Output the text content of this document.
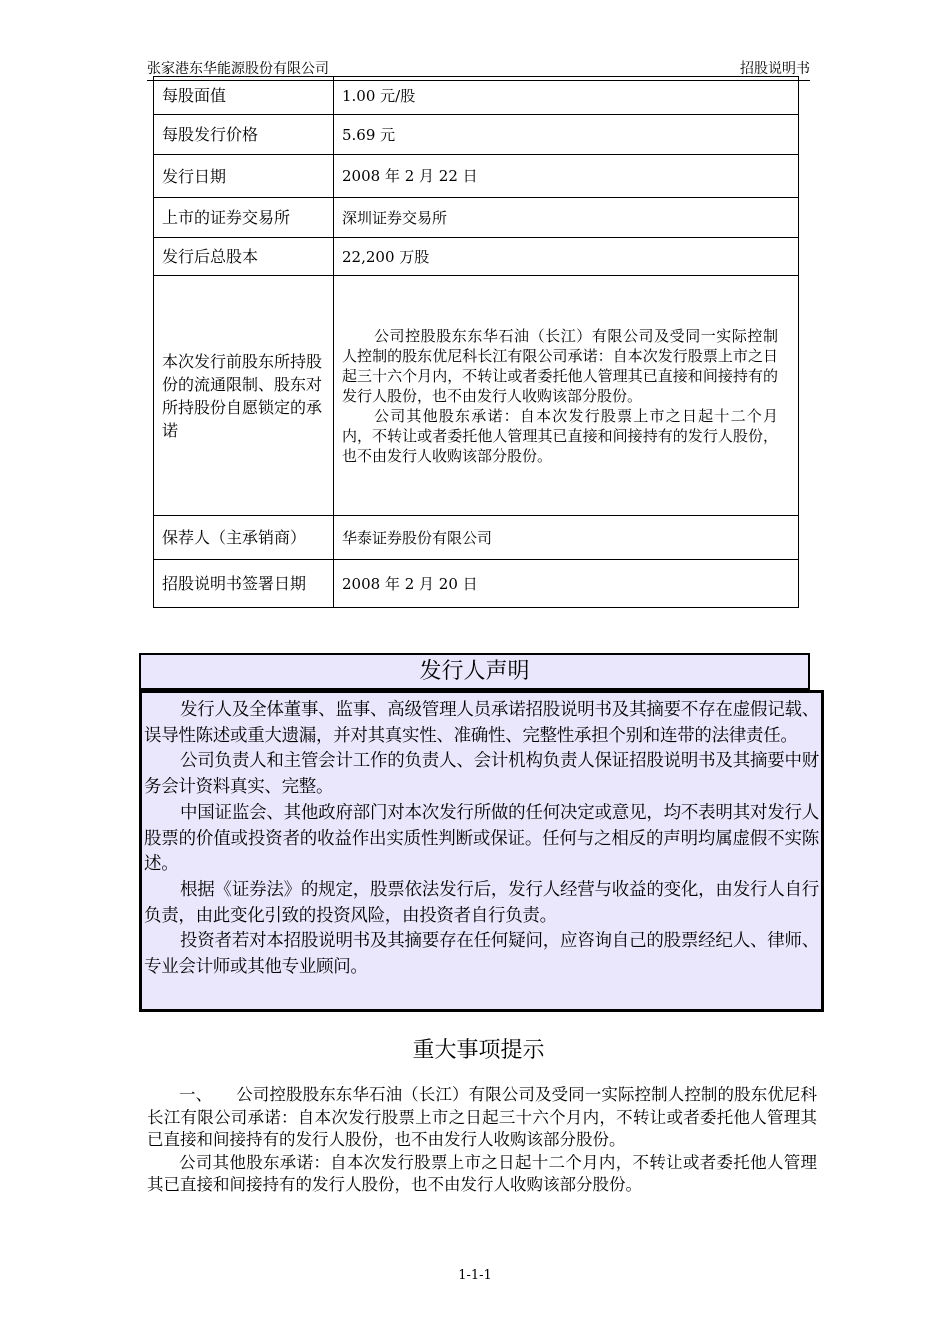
张家港东华能源股份有限公司	招股说明书
每股面值	1.00 元/股
每股发行价格	5.69 元
发行日期	2008 年 2 月 22 日
上市的证券交易所	深圳证券交易所
发行后总股本	22,200 万股
本次发行前股东所持股份的流通限制、股东对所持股份自愿锁定的承诺	公司控股股东东华石油（长江）有限公司及受同一实际控制人控制的股东优尼科长江有限公司承诺：自本次发行股票上市之日起三十六个月内，不转让或者委托他人管理其已直接和间接持有的发行人股份，也不由发行人收购该部分股份。

公司其他股东承诺：自本次发行股票上市之日起十二个月内，不转让或者委托他人管理其已直接和间接持有的发行人股份，也不由发行人收购该部分股份。

保荐人（主承销商）	华泰证券股份有限公司
招股说明书签署日期	2008 年 2 月 20 日
发行人声明

发行人及全体董事、监事、高级管理人员承诺招股说明书及其摘要不存在虚假记载、误导性陈述或重大遗漏，并对其真实性、准确性、完整性承担个别和连带的法律责任。

公司负责人和主管会计工作的负责人、会计机构负责人保证招股说明书及其摘要中财务会计资料真实、完整。

中国证监会、其他政府部门对本次发行所做的任何决定或意见，均不表明其对发行人股票的价值或投资者的收益作出实质性判断或保证。任何与之相反的声明均属虚假不实陈述。

根据《证券法》的规定，股票依法发行后，发行人经营与收益的变化，由发行人自行负责，由此变化引致的投资风险，由投资者自行负责。

投资者若对本招股说明书及其摘要存在任何疑问，应咨询自己的股票经纪人、律师、专业会计师或其他专业顾问。

重大事项提示

一、 公司控股股东东华石油（长江）有限公司及受同一实际控制人控制的股东优尼科长江有限公司承诺：自本次发行股票上市之日起三十六个月内，不转让或者委托他人管理其已直接和间接持有的发行人股份，也不由发行人收购该部分股份。

公司其他股东承诺：自本次发行股票上市之日起十二个月内，不转让或者委托他人管理其已直接和间接持有的发行人股份，也不由发行人收购该部分股份。

1-1-1
